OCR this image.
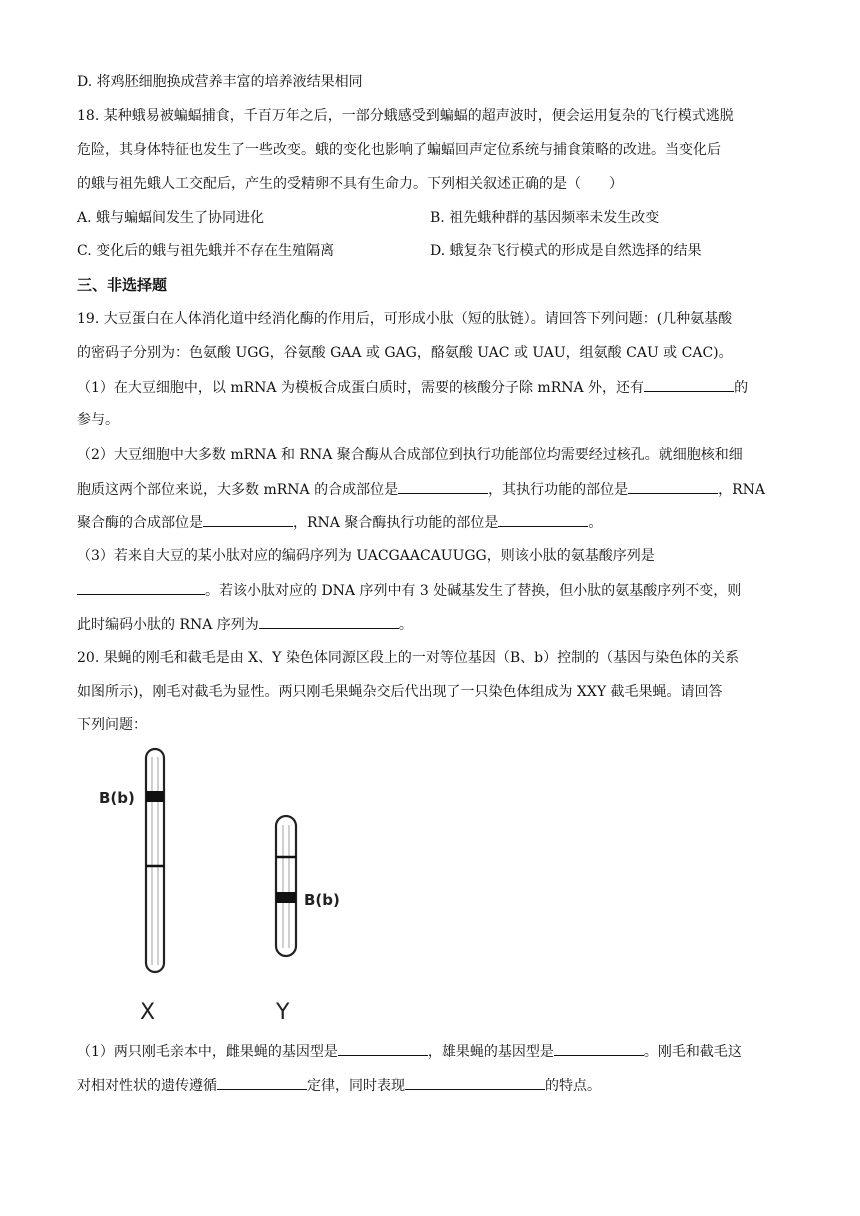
D. 将鸡胚细胞换成营养丰富的培养液结果相同
18. 某种蛾易被蝙蝠捕食，千百万年之后，一部分蛾感受到蝙蝠的超声波时，便会运用复杂的飞行模式逃脱
危险，其身体特征也发生了一些改变。蛾的变化也影响了蝙蝠回声定位系统与捕食策略的改进。当变化后
的蛾与祖先蛾人工交配后，产生的受精卵不具有生命力。下列相关叙述正确的是（　　）
A. 蛾与蝙蝠间发生了协同进化	B. 祖先蛾种群的基因频率未发生改变
C. 变化后的蛾与祖先蛾并不存在生殖隔离	D. 蛾复杂飞行模式的形成是自然选择的结果
三、非选择题
19. 大豆蛋白在人体消化道中经消化酶的作用后，可形成小肽（短的肽链）。请回答下列问题：(几种氨基酸
的密码子分别为：色氨酸 UGG，谷氨酸 GAA 或 GAG，酪氨酸 UAC 或 UAU，组氨酸 CAU 或 CAC)。
（1）在大豆细胞中，以 mRNA 为模板合成蛋白质时，需要的核酸分子除 mRNA 外，还有	的
参与。
（2）大豆细胞中大多数 mRNA 和 RNA 聚合酶从合成部位到执行功能部位均需要经过核孔。就细胞核和细
胞质这两个部位来说，大多数 mRNA 的合成部位是	，其执行功能的部位是	，RNA
聚合酶的合成部位是	，RNA 聚合酶执行功能的部位是	。
（3）若来自大豆的某小肽对应的编码序列为 UACGAACAUUGG，则该小肽的氨基酸序列是
。若该小肽对应的 DNA 序列中有 3 处碱基发生了替换，但小肽的氨基酸序列不变，则
此时编码小肽的 RNA 序列为	。
20. 果蝇的刚毛和截毛是由 X、Y 染色体同源区段上的一对等位基因（B、b）控制的（基因与染色体的关系
如图所示)，刚毛对截毛为显性。两只刚毛果蝇杂交后代出现了一只染色体组成为 XXY 截毛果蝇。请回答
下列问题：
B(b)
X
B(b)
Y
（1）两只刚毛亲本中，雌果蝇的基因型是	，雄果蝇的基因型是	。刚毛和截毛这
对相对性状的遗传遵循	定律，同时表现	的特点。
